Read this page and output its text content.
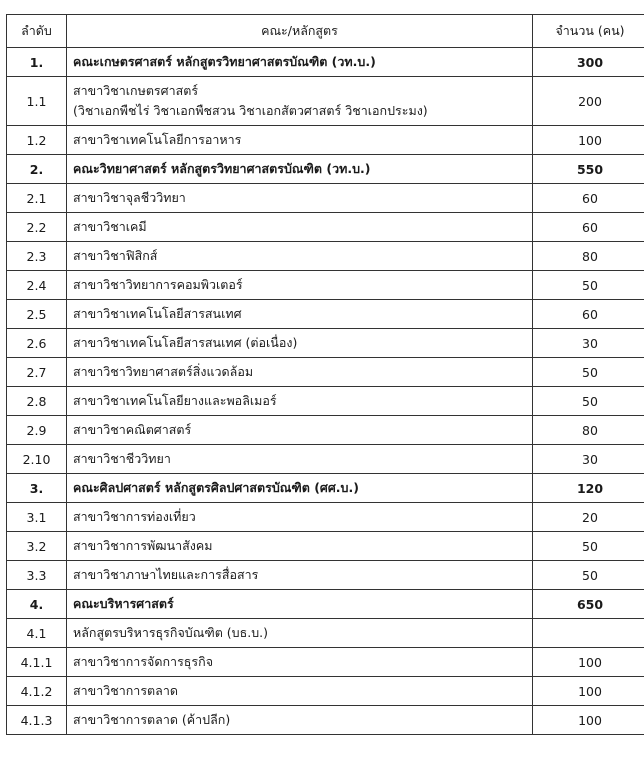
ลำดับ	คณะ/หลักสูตร	จำนวน (คน)
1.	คณะเกษตรศาสตร์ หลักสูตรวิทยาศาสตรบัณฑิต (วท.บ.)	300
1.1	สาขาวิชาเกษตรศาสตร์
(วิชาเอกพืชไร่ วิชาเอกพืชสวน วิชาเอกสัตวศาสตร์ วิชาเอกประมง)	200
1.2	สาขาวิชาเทคโนโลยีการอาหาร	100
2.	คณะวิทยาศาสตร์ หลักสูตรวิทยาศาสตรบัณฑิต (วท.บ.)	550
2.1	สาขาวิชาจุลชีววิทยา	60
2.2	สาขาวิชาเคมี	60
2.3	สาขาวิชาฟิสิกส์	80
2.4	สาขาวิชาวิทยาการคอมพิวเตอร์	50
2.5	สาขาวิชาเทคโนโลยีสารสนเทศ	60
2.6	สาขาวิชาเทคโนโลยีสารสนเทศ (ต่อเนื่อง)	30
2.7	สาขาวิชาวิทยาศาสตร์สิ่งแวดล้อม	50
2.8	สาขาวิชาเทคโนโลยียางและพอลิเมอร์	50
2.9	สาขาวิชาคณิตศาสตร์	80
2.10	สาขาวิชาชีววิทยา	30
3.	คณะศิลปศาสตร์ หลักสูตรศิลปศาสตรบัณฑิต (ศศ.บ.)	120
3.1	สาขาวิชาการท่องเที่ยว	20
3.2	สาขาวิชาการพัฒนาสังคม	50
3.3	สาขาวิชาภาษาไทยและการสื่อสาร	50
4.	คณะบริหารศาสตร์	650
4.1	หลักสูตรบริหารธุรกิจบัณฑิต (บธ.บ.)	

4.1.1	สาขาวิชาการจัดการธุรกิจ	100
4.1.2	สาขาวิชาการตลาด	100
4.1.3	สาขาวิชาการตลาด (ค้าปลีก)	100
